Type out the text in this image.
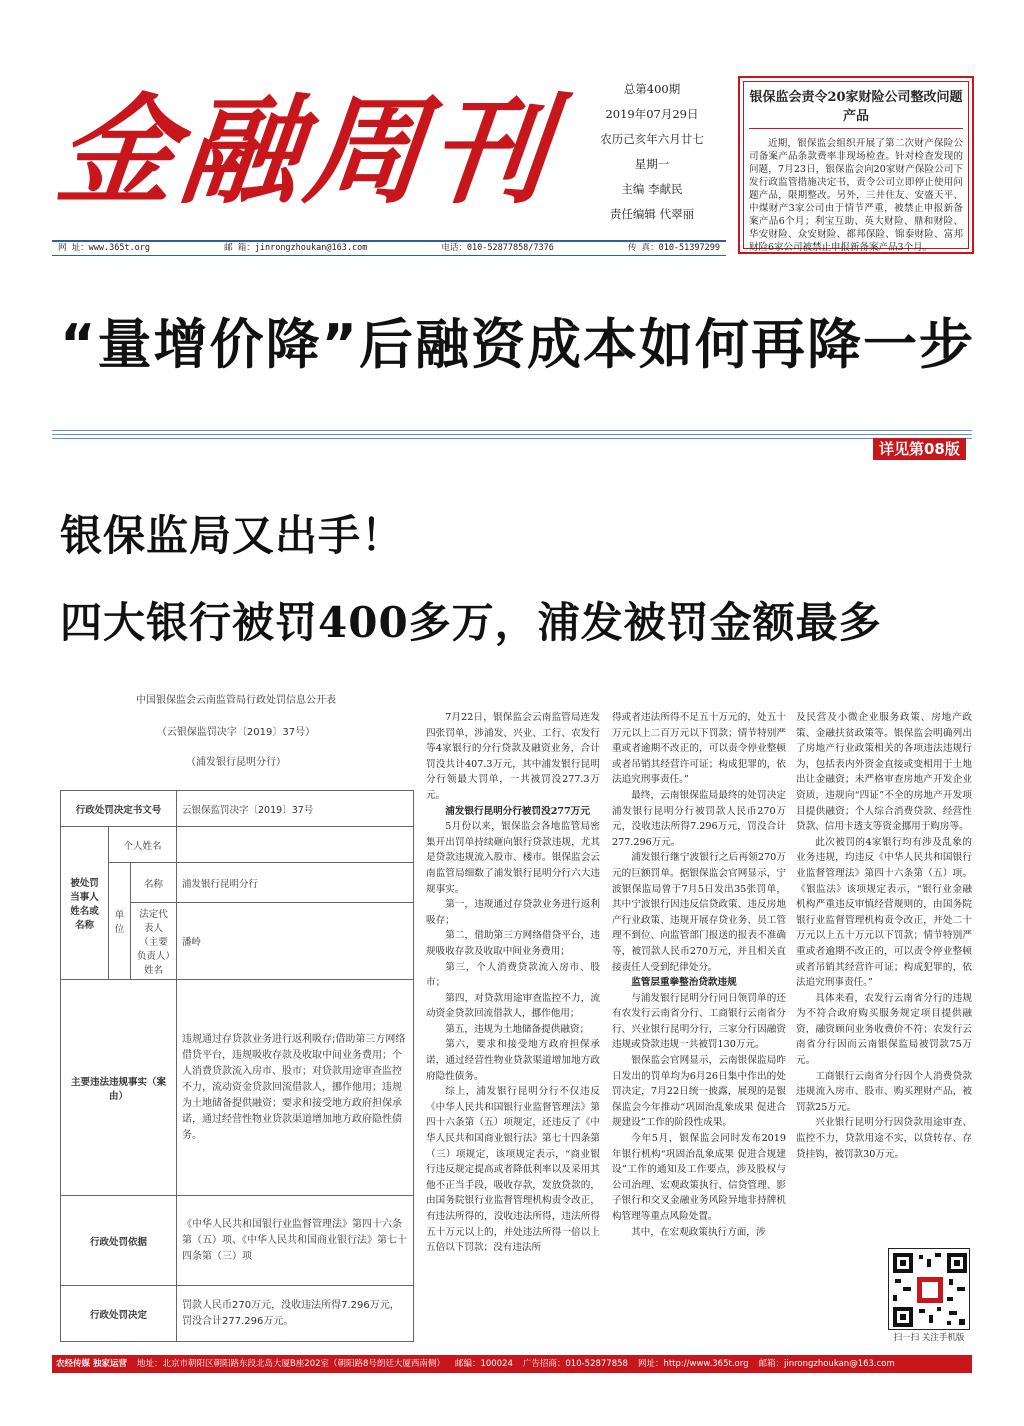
金融周刊	总第400期
2019年07月29日
农历己亥年六月廿七
星期一
主编 李献民
责任编辑 代翠丽
银保监会责令20家财险公司整改问题产品
近期，银保监会组织开展了第二次财产保险公司备案产品条款费率非现场检查。针对检查发现的问题，7月23日，银保监会向20家财产保险公司下发行政监管措施决定书，责令公司立即停止使用问题产品，限期整改。另外，三井住友、安盛天平、中煤财产3家公司由于情节严重，被禁止申报新备案产品6个月；利宝互助、英大财险、鼎和财险、华安财险、众安财险、都邦保险、锦泰财险、富邦财险6家公司被禁止申报新备案产品3个月。
网 址：www.365t.org	邮 箱：jinrongzhoukan@163.com	电话：010-52877858/7376	传 真：010-51397299
“量增价降”后融资成本如何再降一步
详见第08版
银保监局又出手！
四大银行被罚400多万，浦发被罚金额最多
中国银保监会云南监管局行政处罚信息公开表
（云银保监罚决字〔2019〕37号）
（浦发银行昆明分行）
行政处罚决定书文号			云银保监罚决字〔2019〕37号
被处罚当事人姓名或名称	个人姓名		
	单位	名称	浦发银行昆明分行
		法定代表人（主要负责人）姓名	潘岭
主要违法违规事实（案由）			违规通过存贷款业务进行返利吸存;借助第三方网络借贷平台，违规吸收存款及收取中间业务费用；个人消费贷款流入房市、股市；对贷款用途审查监控不力，流动资金贷款回流借款人，挪作他用；违规为土地储备提供融资；要求和接受地方政府担保承诺，通过经营性物业贷款渠道增加地方政府隐性债务。
行政处罚依据			《中华人民共和国银行业监督管理法》第四十六条第（五）项、《中华人民共和国商业银行法》第七十四条第（三）项
行政处罚决定			罚款人民币270万元，没收违法所得7.296万元，罚没合计277.296万元。

7月22日，银保监会云南监管局连发四张罚单，涉浦发、兴业、工行、农发行等4家银行的分行贷款及融资业务，合计罚没共计407.3万元，其中浦发银行昆明分行领最大罚单，一共被罚没277.3万元。

浦发银行昆明分行被罚没277万元

5月份以来，银保监会各地监管局密集开出罚单持续砸向银行贷款违规，尤其是贷款违规流入股市、楼市。银保监会云南监管局细数了浦发银行昆明分行六大违规事实。

第一，违规通过存贷款业务进行返利吸存；

第二，借助第三方网络借贷平台，违规吸收存款及收取中间业务费用；

第三，个人消费贷款流入房市、股市；

第四，对贷款用途审查监控不力，流动资金贷款回流借款人，挪作他用；

第五，违规为土地储备提供融资；

第六，要求和接受地方政府担保承诺，通过经营性物业贷款渠道增加地方政府隐性债务。

综上，浦发银行昆明分行不仅违反《中华人民共和国银行业监督管理法》第四十六条第（五）项规定，还违反了《中华人民共和国商业银行法》第七十四条第（三）项规定，该项规定表示，“商业银行违反规定提高或者降低利率以及采用其他不正当手段，吸收存款，发放贷款的，由国务院银行业监督管理机构责令改正，有违法所得的，没收违法所得，违法所得五十万元以上的，并处违法所得一倍以上五倍以下罚款；没有违法所

得或者违法所得不足五十万元的，处五十万元以上二百万元以下罚款；情节特别严重或者逾期不改正的，可以责令停业整顿或者吊销其经营许可证；构成犯罪的，依法追究刑事责任。”

最终，云南银保监局最终的处罚决定浦发银行昆明分行被罚款人民币270万元，没收违法所得7.296万元，罚没合计277.296万元。

浦发银行继宁波银行之后再领270万元的巨额罚单。据银保监会官网显示，宁波银保监局曾于7月5日发出35张罚单，其中宁波银行因违反信贷政策、违反房地产行业政策、违规开展存贷业务、员工管理不到位、向监管部门报送的报表不准确等，被罚款人民币270万元，并且相关直接责任人受到纪律处分。

监管层重拳整治贷款违规

与浦发银行昆明分行同日领罚单的还有农发行云南省分行、工商银行云南省分行、兴业银行昆明分行，三家分行因融资违规或贷款违规一共被罚130万元。

银保监会官网显示，云南银保监局昨日发出的罚单均为6月26日集中作出的处罚决定，7月22日统一披露，展现的是银保监会今年推动“巩固治乱象成果 促进合规建设”工作的阶段性成果。

今年5月，银保监会同时发布2019年银行机构“巩固治乱象成果 促进合规建设”工作的通知及工作要点，涉及股权与公司治理、宏观政策执行、信贷管理、影子银行和交叉金融业务风险异地非持牌机构管理等重点风险处置。

其中，在宏观政策执行方面，涉

及民营及小微企业服务政策、房地产政策、金融扶贫政策等。银保监会明确列出了房地产行业政策相关的各项违法违规行为，包括表内外资金直接或变相用于土地出让金融资；未严格审查房地产开发企业资质，违规向“四证”不全的房地产开发项目提供融资；个人综合消费贷款、经营性贷款、信用卡透支等资金挪用于购房等。

此次被罚的4家银行均有涉及乱象的业务违规，均违反《中华人民共和国银行业监督管理法》第四十六条第（五）项。《银监法》该项规定表示，“银行业金融机构严重违反审慎经营规则的，由国务院银行业监督管理机构责令改正，并处二十万元以上五十万元以下罚款；情节特别严重或者逾期不改正的，可以责令停业整顿或者吊销其经营许可证；构成犯罪的，依法追究刑事责任。”

具体来看，农发行云南省分行的违规为不符合政府购买服务规定项目提供融资，融资顾问业务收费价不符；农发行云南省分行因而云南银保监局被罚款75万元。

工商银行云南省分行因个人消费贷款违规流入房市、股市、购买理财产品，被罚款25万元。

兴业银行昆明分行因贷款用途审查、监控不力，贷款用途不实，以贷转存、存贷挂钩，被罚款30万元。

扫一扫 关注手机版
农经传媒 独家运营 地址：北京市朝阳区朝阳路东段北岛大厦B座202室（朝阳路8号朗廷大厦西南侧） 邮编：100024 广告招商：010-52877858 网址：http://www.365t.org 邮箱：jinrongzhoukan@163.com
